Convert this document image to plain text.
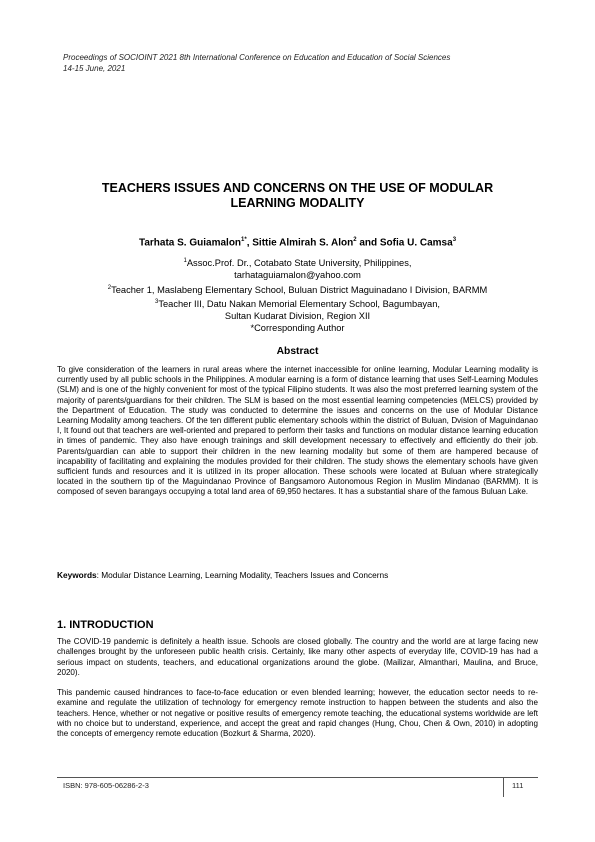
Proceedings of SOCIOINT 2021 8th International Conference on Education and Education of Social Sciences
14-15 June, 2021
TEACHERS ISSUES AND CONCERNS ON THE USE OF MODULAR
LEARNING MODALITY
Tarhata S. Guiamalon$^{1*}$, Sittie Almirah S. Alon$^2$ and Sofia U. Camsa$^3$
$^1$Assoc.Prof. Dr., Cotabato State University, Philippines,
tarhataguiamalon@yahoo.com
$^2$Teacher 1, Maslabeng Elementary School, Buluan District Maguinadano I Division, BARMM
$^3$Teacher III, Datu Nakan Memorial Elementary School, Bagumbayan,
Sultan Kudarat Division, Region XII
*Corresponding Author
Abstract
To give consideration of the learners in rural areas where the internet inaccessible for online learning, Modular Learning modality is currently used by all public schools in the Philippines. A modular earning is a form of distance learning that uses Self-Learning Modules (SLM) and is one of the highly convenient for most of the typical Filipino students. It was also the most preferred learning system of the majority of parents/guardians for their children. The SLM is based on the most essential learning competencies (MELCS) provided by the Department of Education. The study was conducted to determine the issues and concerns on the use of Modular Distance Learning Modality among teachers. Of the ten different public elementary schools within the district of Buluan, Dvision of Maguindanao I, It found out that teachers are well-oriented and prepared to perform their tasks and functions on modular distance learning education in times of pandemic. They also have enough trainings and skill development necessary to effectively and efficiently do their job. Parents/guardian can able to support their children in the new learning modality but some of them are hampered because of incapability of facilitating and explaining the modules provided for their children. The study shows the elementary schools have given sufficient funds and resources and it is utilized in its proper allocation. These schools were located at Buluan where strategically located in the southern tip of the Maguindanao Province of Bangsamoro Autonomous Region in Muslim Mindanao (BARMM). It is composed of seven barangays occupying a total land area of 69,950 hectares. It has a substantial share of the famous Buluan Lake.
Keywords: Modular Distance Learning, Learning Modality, Teachers Issues and Concerns
1. INTRODUCTION
The COVID-19 pandemic is definitely a health issue. Schools are closed globally. The country and the world are at large facing new challenges brought by the unforeseen public health crisis. Certainly, like many other aspects of everyday life, COVID-19 has had a serious impact on students, teachers, and educational organizations around the globe. (Mailizar, Almanthari, Maulina, and Bruce, 2020).
This pandemic caused hindrances to face-to-face education or even blended learning; however, the education sector needs to re-examine and regulate the utilization of technology for emergency remote instruction to happen between the students and also the teachers. Hence, whether or not negative or positive results of emergency remote teaching, the educational systems worldwide are left with no choice but to understand, experience, and accept the great and rapid changes (Hung, Chou, Chen & Own, 2010) in adopting the concepts of emergency remote education (Bozkurt & Sharma, 2020).
ISBN: 978-605-06286-2-3	111
